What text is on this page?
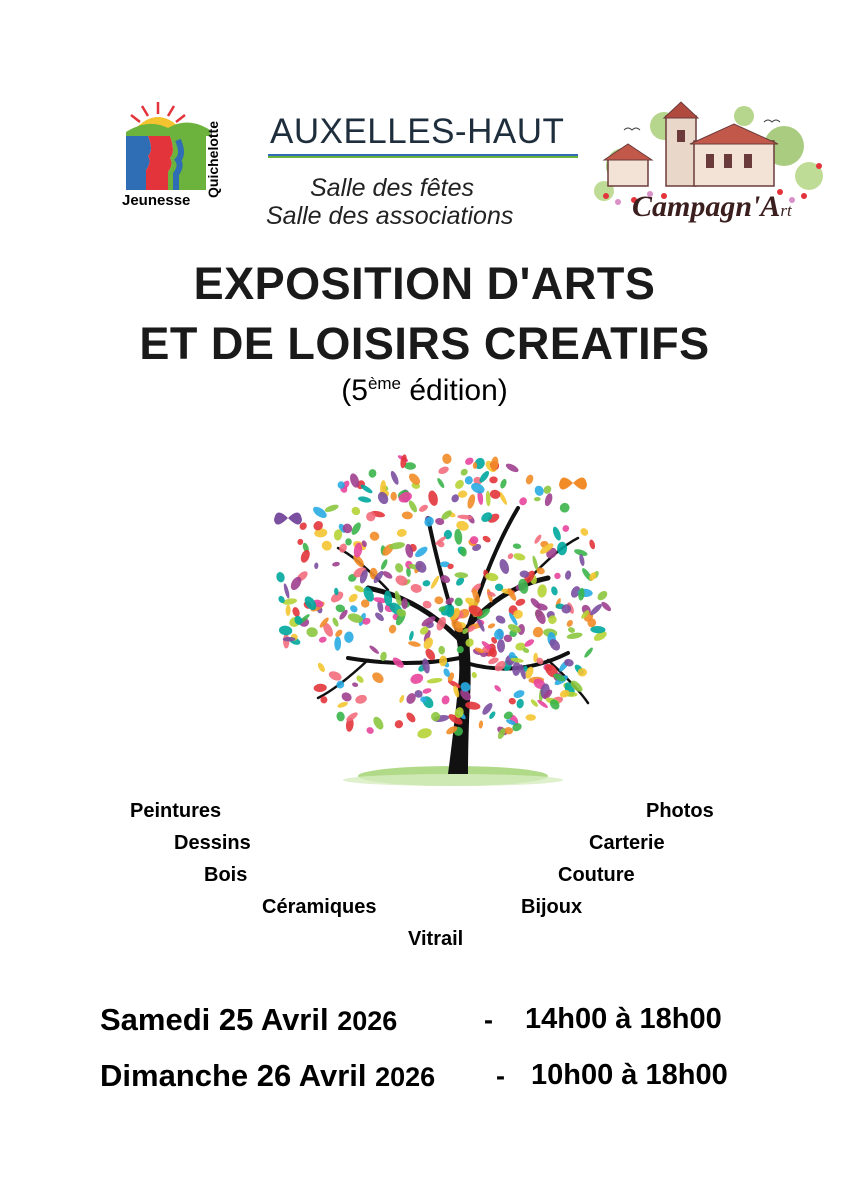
Jeunesse
Quichelotte	AUXELLES-HAUT
Salle des fêtes
Salle des associations	Campagn'Art
EXPOSITION D'ARTS
ET DE LOISIRS CREATIFS
(5ème édition)
Peintures
Dessins
Bois
Céramiques
Photos
Carterie
Couture
Bijoux
Vitrail
Samedi 25 Avril 2026	- 14h00 à 18h00
Dimanche 26 Avril 2026 - 10h00 à 18h00
